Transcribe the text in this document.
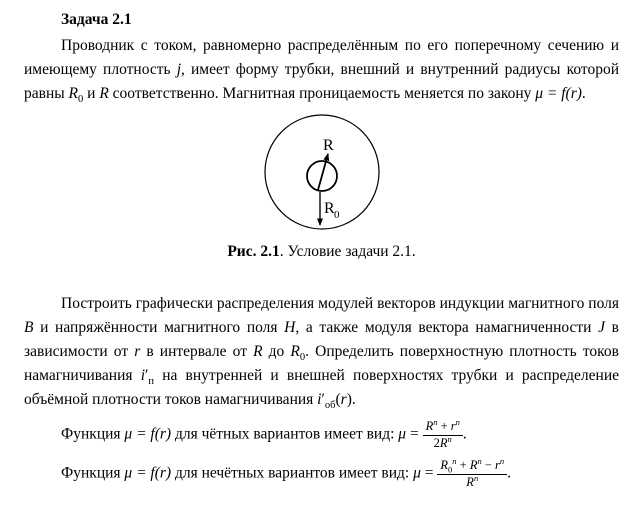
Задача 2.1

Проводник с током, равномерно распределённым по его поперечному сечению и имеющему плотность j, имеет форму трубки, внешний и внутренний радиусы которой равны $R_0$ и R соответственно. Магнитная проницаемость меняется по закону μ = f(r).

R
R 0

Рис. 2.1. Условие задачи 2.1.

Построить графически распределения модулей векторов индукции магнитного поля B и напряжённости магнитного поля H, а также модуля вектора намагниченности J в зависимости от r в интервале от R до $R_0$. Определить поверхностную плотность токов намагничивания $i'_п$ на внутренней и внешней поверхностях трубки и распределение объёмной плотности токов намагничивания $i'_{об}(r)$.

Функция μ = f(r) для чётных вариантов имеет вид: $\mu = \frac{R^n + r^n}{2R^n}$ .

Функция μ = f(r) для нечётных вариантов имеет вид: $\mu = \frac{R_0^n + R^n - r^n}{R^n}$ .
